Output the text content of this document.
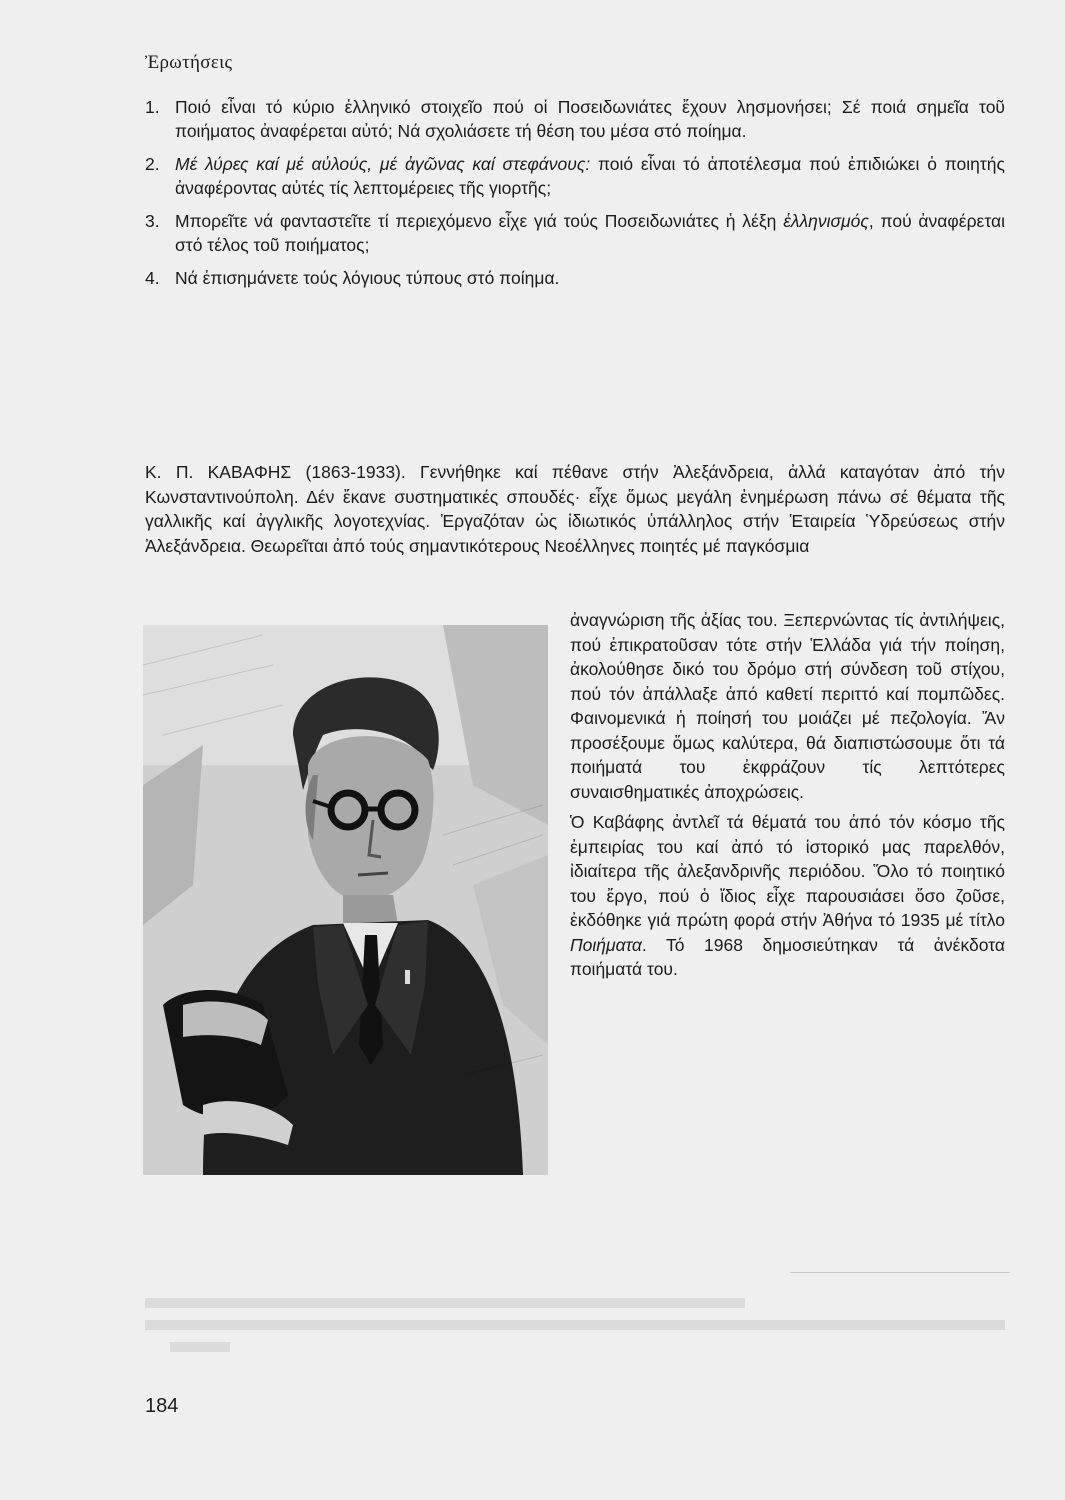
Ἐρωτήσεις
1. Ποιό εἶναι τό κύριο ἑλληνικό στοιχεῖο πού οἱ Ποσειδωνιάτες ἔχουν λησμονήσει; Σέ ποιά σημεῖα τοῦ ποιήματος ἀναφέρεται αὐτό; Νά σχολιάσετε τή θέση του μέσα στό ποίημα.
2. Μέ λύρες καί μέ αὐλούς, μέ ἀγῶνας καί στεφάνους: ποιό εἶναι τό ἀποτέλεσμα πού ἐπιδιώκει ὁ ποιητής ἀναφέροντας αὐτές τίς λεπτομέρειες τῆς γιορτῆς;
3. Μπορεῖτε νά φανταστεῖτε τί περιεχόμενο εἶχε γιά τούς Ποσειδωνιάτες ἡ λέξη ἑλληνισμός, πού ἀναφέρεται στό τέλος τοῦ ποιήματος;
4. Νά ἐπισημάνετε τούς λόγιους τύπους στό ποίημα.

Κ. Π. ΚΑΒΑΦΗΣ (1863-1933). Γεννήθηκε καί πέθανε στήν Ἀλεξάνδρεια, ἀλλά καταγόταν ἀπό τήν Κωνσταντινούπολη. Δέν ἔκανε συστηματικές σπουδές· εἶχε ὅμως μεγάλη ἐνημέρωση πάνω σέ θέματα τῆς γαλλικῆς καί ἀγγλικῆς λογοτεχνίας. Ἐργαζόταν ὡς ἰδιωτικός ὑπάλληλος στήν Ἑταιρεία Ὑδρεύσεως στήν Ἀλεξάνδρεια. Θεωρεῖται ἀπό τούς σημαντικότερους Νεοέλληνες ποιητές μέ παγκόσμια

ἀναγνώριση τῆς ἀξίας του. Ξεπερνώντας τίς ἀντιλήψεις, πού ἐπικρατοῦσαν τότε στήν Ἑλλάδα γιά τήν ποίηση, ἀκολούθησε δικό του δρόμο στή σύνδεση τοῦ στίχου, πού τόν ἀπάλλαξε ἀπό καθετί περιττό καί πομπῶδες. Φαινομενικά ἡ ποίησή του μοιάζει μέ πεζολογία. Ἄν προσέξουμε ὅμως καλύτερα, θά διαπιστώσουμε ὅτι τά ποιήματά του ἐκφράζουν τίς λεπτότερες συναισθηματικές ἀποχρώσεις.

Ὁ Καβάφης ἀντλεῖ τά θέματά του ἀπό τόν κόσμο τῆς ἐμπειρίας του καί ἀπό τό ἱστορικό μας παρελθόν, ἰδιαίτερα τῆς ἀλεξανδρινῆς περιόδου. Ὅλο τό ποιητικό του ἔργο, πού ὁ ἴδιος εἶχε παρουσιάσει ὅσο ζοῦσε, ἐκδόθηκε γιά πρώτη φορά στήν Ἀθήνα τό 1935 μέ τίτλο Ποιήματα. Τό 1968 δημοσιεύτηκαν τά ἀνέκδοτα ποιήματά του.

184
